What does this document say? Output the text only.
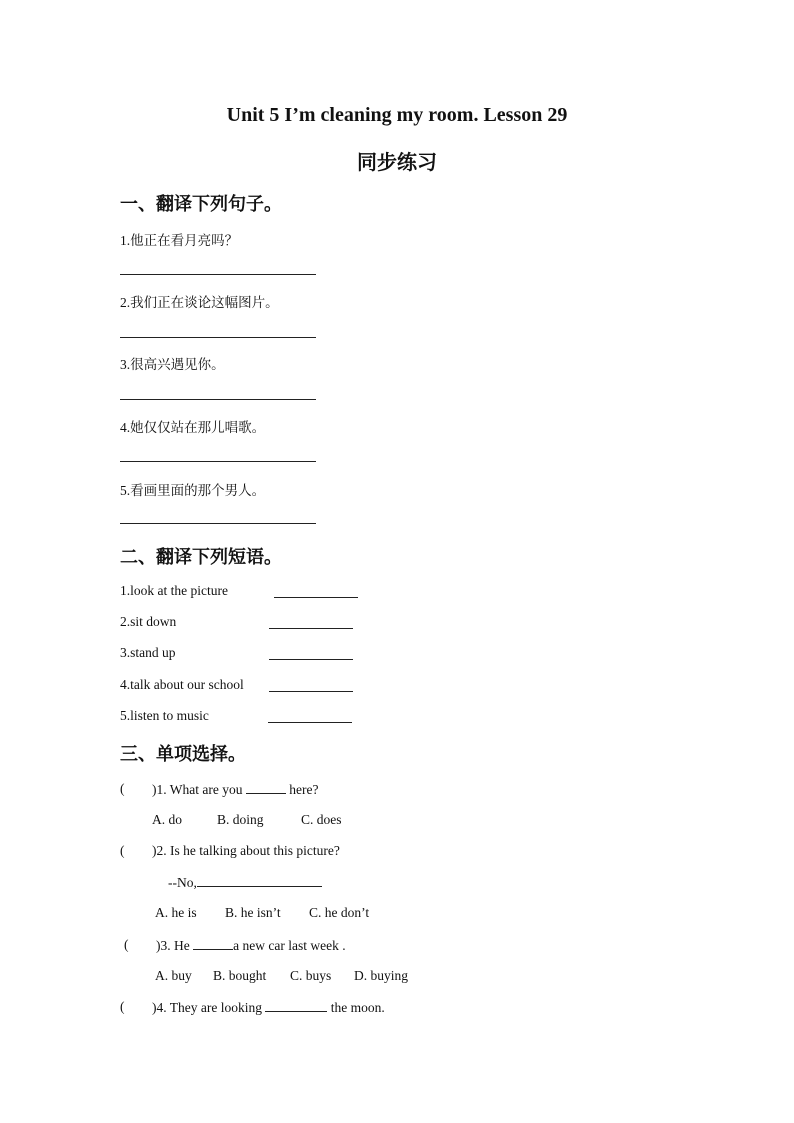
Unit 5 I’m cleaning my room. Lesson 29
同步练习
一、翻译下列句子。
1.他正在看月亮吗？
2.我们正在谈论这幅图片。
3.很高兴遇见你。
4.她仅仅站在那儿唱歌。
5.看画里面的那个男人。
二、翻译下列短语。
1.look at the picture
2.sit down
3.stand up
4.talk about our school
5.listen to music
三、单项选择。
( )1. What are you	here?
A. do	B. doing	C. does
( )2. Is he talking about this picture?
--No,
A. he is B. he isn’t C. he don’t
( )3. He	a new car last week .
A. buy B. bought C. buys D. buying
( )4. They are looking	the moon.
